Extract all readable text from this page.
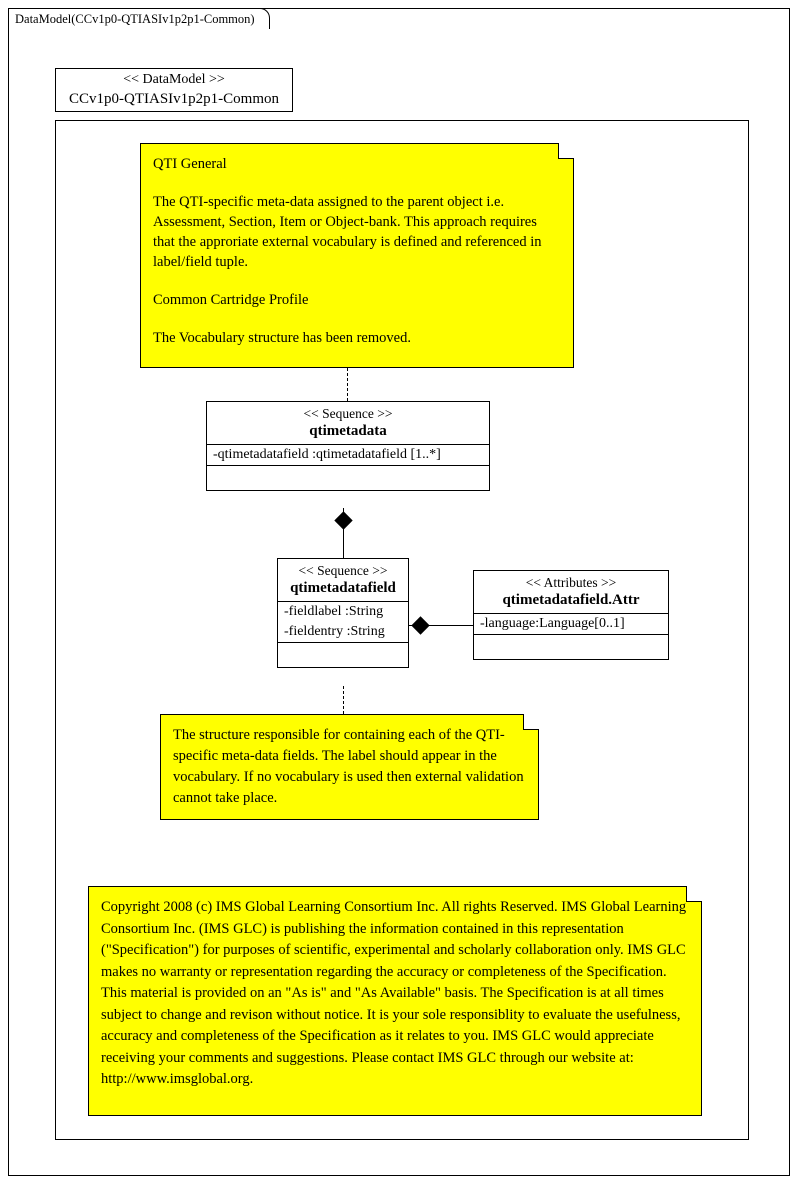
DataModel(CCv1p0-QTIASIv1p2p1-Common)
<< DataModel >>
CCv1p0-QTIASIv1p2p1-Common

QTI General

The QTI-specific meta-data assigned to the parent object i.e. Assessment, Section, Item or Object-bank. This approach requires that the approriate external vocabulary is defined and referenced in label/field tuple.

Common Cartridge Profile

The Vocabulary structure has been removed.

<< Sequence >>
qtimetadata
-qtimetadatafield :qtimetadatafield [1..*]
<< Sequence >>
qtimetadatafield
-fieldlabel :String
-fieldentry :String
<< Attributes >>
qtimetadatafield.Attr
-language:Language[0..1]

The structure responsible for containing each of the QTI-specific meta-data fields. The label should appear in the vocabulary. If no vocabulary is used then external validation cannot take place.

Copyright 2008 (c) IMS Global Learning Consortium Inc. All rights Reserved. IMS Global Learning Consortium Inc. (IMS GLC) is publishing the information contained in this representation ("Specification") for purposes of scientific, experimental and scholarly collaboration only. IMS GLC makes no warranty or representation regarding the accuracy or completeness of the Specification. This material is provided on an "As is" and "As Available" basis. The Specification is at all times subject to change and revison without notice. It is your sole responsiblity to evaluate the usefulness, accuracy and completeness of the Specification as it relates to you. IMS GLC would appreciate receiving your comments and suggestions. Please contact IMS GLC through our website at: http://www.imsglobal.org.
